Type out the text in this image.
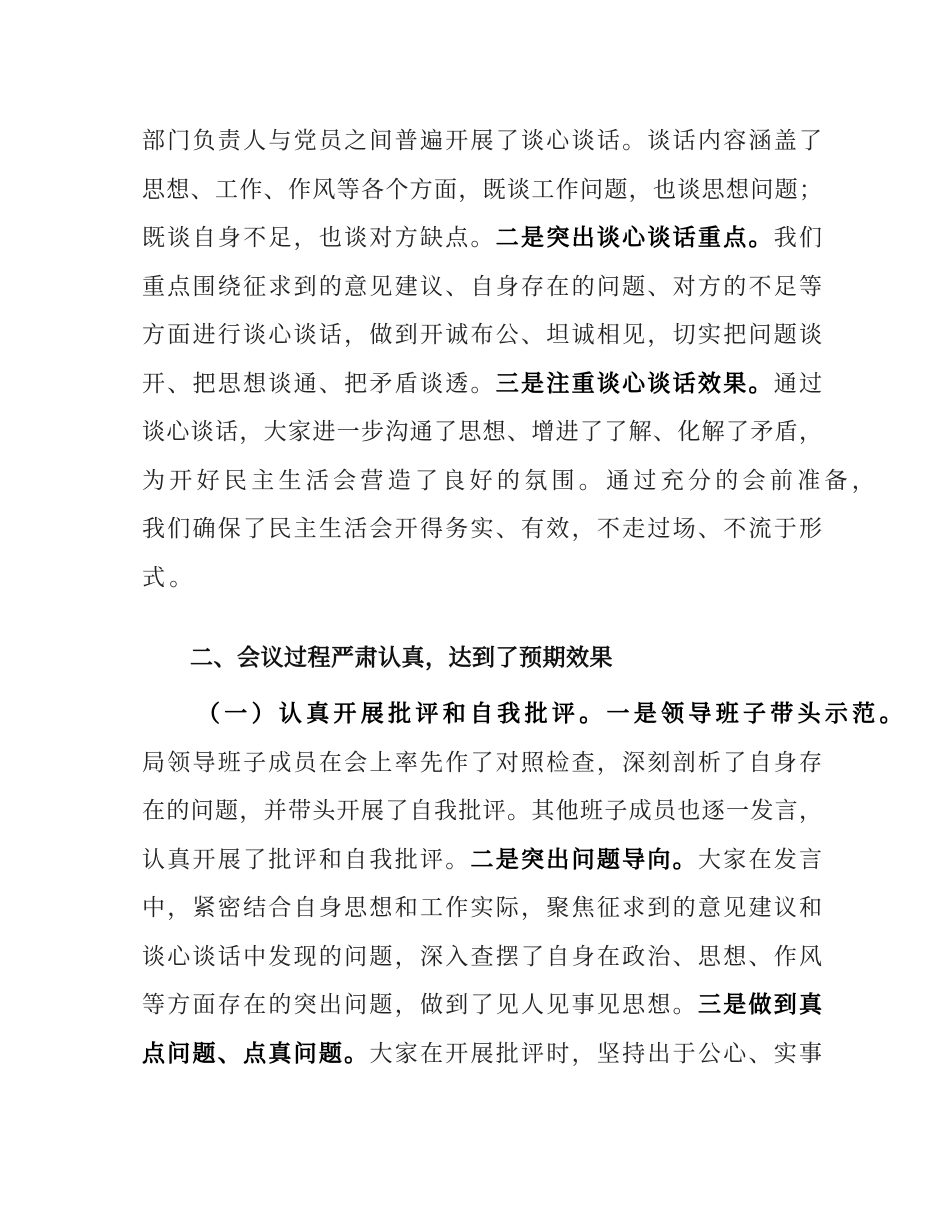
部门负责人与党员之间普遍开展了谈心谈话。谈话内容涵盖了
思想、工作、作风等各个方面，既谈工作问题，也谈思想问题；
既谈自身不足，也谈对方缺点。二是突出谈心谈话重点。我们
重点围绕征求到的意见建议、自身存在的问题、对方的不足等
方面进行谈心谈话，做到开诚布公、坦诚相见，切实把问题谈
开、把思想谈通、把矛盾谈透。三是注重谈心谈话效果。通过
谈心谈话，大家进一步沟通了思想、增进了了解、化解了矛盾，
为开好民主生活会营造了良好的氛围。通过充分的会前准备，
我们确保了民主生活会开得务实、有效，不走过场、不流于形
式。
二、会议过程严肃认真，达到了预期效果
（一）认真开展批评和自我批评。一是领导班子带头示范。
局领导班子成员在会上率先作了对照检查，深刻剖析了自身存
在的问题，并带头开展了自我批评。其他班子成员也逐一发言，
认真开展了批评和自我批评。二是突出问题导向。大家在发言
中，紧密结合自身思想和工作实际，聚焦征求到的意见建议和
谈心谈话中发现的问题，深入查摆了自身在政治、思想、作风
等方面存在的突出问题，做到了见人见事见思想。三是做到真
点问题、点真问题。大家在开展批评时，坚持出于公心、实事
